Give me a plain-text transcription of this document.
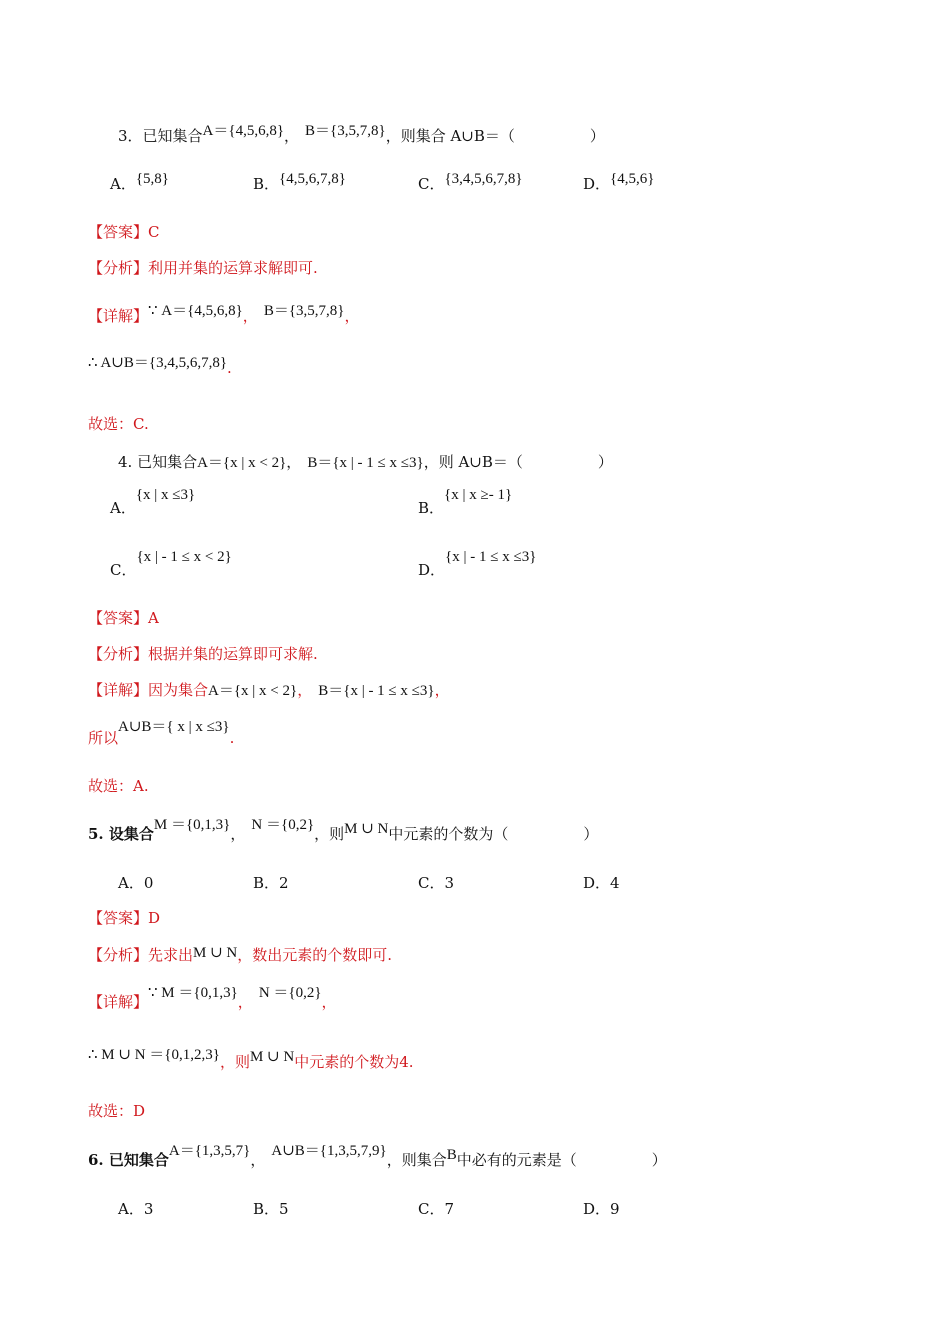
3．已知集合A＝{4,5,6,8}， B＝{3,5,7,8}，则集合 A∪B＝（　　　　　）
A．{5,8}	B．{4,5,6,7,8}	C．{3,4,5,6,7,8}	D．{4,5,6}
【答案】C
【分析】利用并集的运算求解即可.
【详解】∵ A＝{4,5,6,8}， B＝{3,5,7,8}，
∴ A∪B＝{3,4,5,6,7,8}.
故选：C.
4. 已知集合A＝{x | x < 2}， B＝{x | - 1 ≤ x ≤3}，则 A∪B＝（　　　　　）
A．{x | x ≤3}
B．{x | x ≥- 1}
C．{x | - 1 ≤ x < 2}
D．{x | - 1 ≤ x ≤3}
【答案】A
【分析】根据并集的运算即可求解.
【详解】因为集合A＝{x | x < 2}， B＝{x | - 1 ≤ x ≤3}，
所以A∪B＝{ x | x ≤3}.
故选：A.
5. 设集合M ＝{0,1,3}， N ＝{0,2}，则M ∪ N中元素的个数为（　　　　　）
A．0	B．2	C．3	D．4
【答案】D
【分析】先求出M ∪ N，数出元素的个数即可.
【详解】∵ M ＝{0,1,3}， N ＝{0,2}，
∴ M ∪ N ＝{0,1,2,3}，则M ∪ N中元素的个数为4.
故选：D
6. 已知集合A＝{1,3,5,7}， A∪B＝{1,3,5,7,9}，则集合B中必有的元素是（　　　　　）
A．3	B．5	C．7	D．9
